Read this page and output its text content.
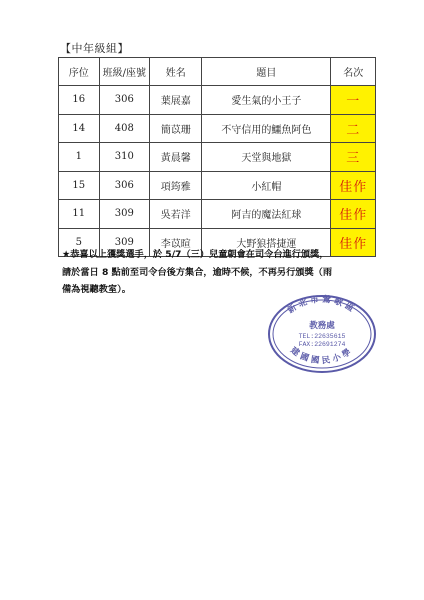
【中年級組】
序位	班級/座號	姓名	題目	名次
16	306	葉展嘉	愛生氣的小王子	一
14	408	簡苡珊	不守信用的鱷魚阿色	二
1	310	黃晨馨	天堂與地獄	三
15	306	項筠雅	小紅帽	佳作
11	309	吳若洋	阿吉的魔法紅球	佳作
5	309	李苡暄	大野狼搭捷運	佳作

★恭喜以上獲獎選手，於 5/7（三）兒童朝會在司令台進行頒獎，

請於當日 8 點前至司令台後方集合，逾時不候，不再另行頒獎（雨

備為視聽教室）。

新北市鶯歌區
教務處
TEL:22635615
FAX:22691274
建國國民小學
